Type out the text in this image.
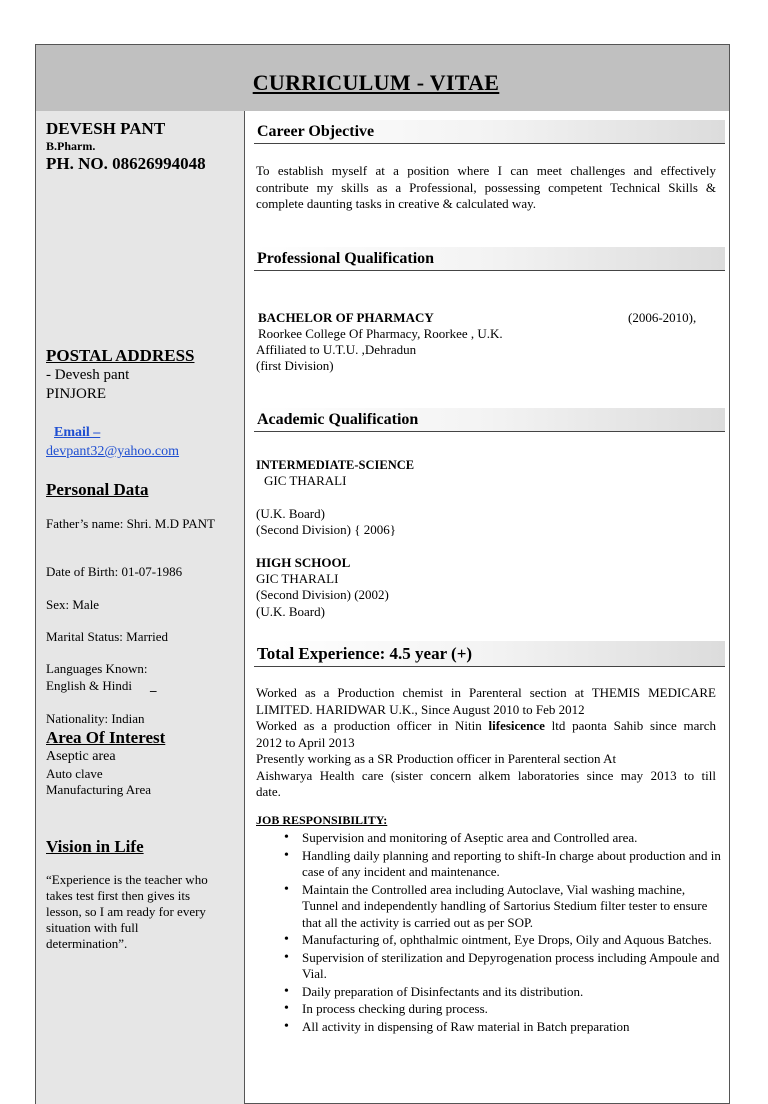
CURRICULUM - VITAE
DEVESH PANT
B.Pharm.
PH. NO. 08626994048
POSTAL ADDRESS
- Devesh pant
PINJORE
Email –
devpant32@yahoo.com
Personal Data
Father’s name: Shri. M.D PANT
Date of Birth: 01-07-1986
Sex: Male
Marital Status: Married
Languages Known:
English & Hindi _
Nationality: Indian
Area Of Interest
Aseptic area
Auto clave
Manufacturing Area
Vision in Life
“Experience is the teacher who
takes test first then gives its
lesson, so I am ready for every
situation with full
determination”.
Career Objective
To establish myself at a position where I can meet challenges and effectively
contribute my skills as a Professional, possessing competent Technical Skills &
complete daunting tasks in creative & calculated way.
Professional Qualification
BACHELOR OF PHARMACY	(2006-2010),
Roorkee College Of Pharmacy, Roorkee , U.K.
Affiliated to U.T.U. ,Dehradun
(first Division)
Academic Qualification
INTERMEDIATE-SCIENCE
GIC THARALI
(U.K. Board)
(Second Division) { 2006}
HIGH SCHOOL
GIC THARALI
(Second Division) (2002)
(U.K. Board)
Total Experience: 4.5 year (+)
Worked as a Production chemist in Parenteral section at THEMIS MEDICARE
LIMITED. HARIDWAR U.K., Since August 2010 to Feb 2012
Worked as a production officer in Nitin lifesicence ltd paonta Sahib since march
2012 to April 2013
Presently working as a SR Production officer in Parenteral section At
Aishwarya Health care (sister concern alkem laboratories since may 2013 to till
date.
JOB RESPONSIBILITY:
• Supervision and monitoring of Aseptic area and Controlled area.
• Handling daily planning and reporting to shift-In charge about production and in case of any incident and maintenance.
• Maintain the Controlled area including Autoclave, Vial washing machine, Tunnel and independently handling of Sartorius Stedium filter tester to ensure that all the activity is carried out as per SOP.
• Manufacturing of, ophthalmic ointment, Eye Drops, Oily and Aquous Batches.
• Supervision of sterilization and Depyrogenation process including Ampoule and Vial.
• Daily preparation of Disinfectants and its distribution.
• In process checking during process.
• All activity in dispensing of Raw material in Batch preparation
